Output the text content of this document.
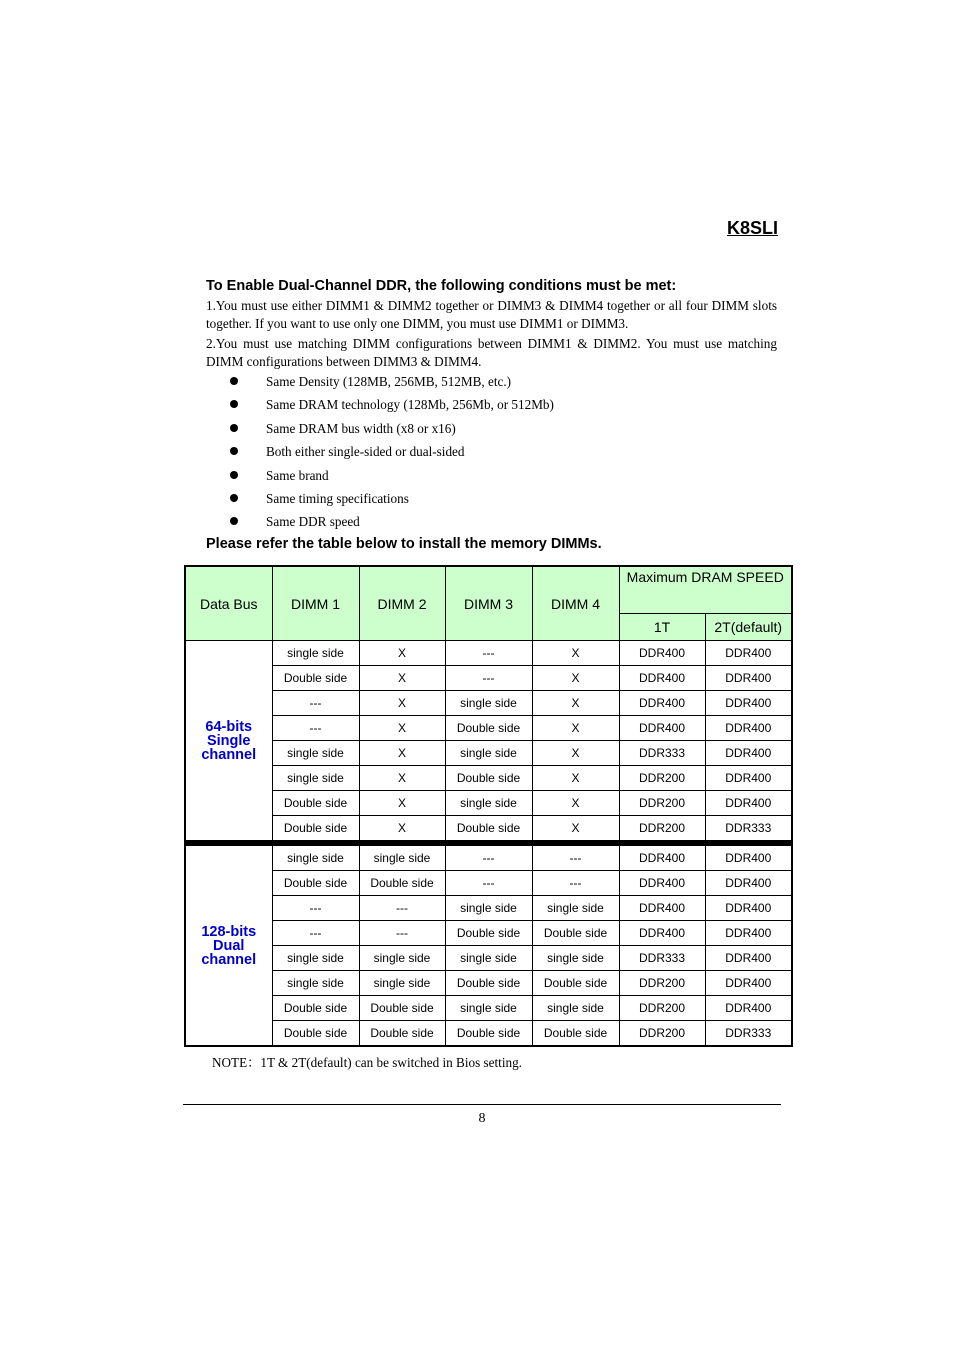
K8SLI
To Enable Dual-Channel DDR, the following conditions must be met:
1.You must use either DIMM1 & DIMM2 together or DIMM3 & DIMM4 together or all four DIMM slots together. If you want to use only one DIMM, you must use DIMM1 or DIMM3.
2.You must use matching DIMM configurations between DIMM1 & DIMM2. You must use matching DIMM configurations between DIMM3 & DIMM4.
Same Density (128MB, 256MB, 512MB, etc.)
Same DRAM technology (128Mb, 256Mb, or 512Mb)
Same DRAM bus width (x8 or x16)
Both either single-sided or dual-sided
Same brand
Same timing specifications
Same DDR speed
Please refer the table below to install the memory DIMMs.
Data Bus	DIMM 1	DIMM 2	DIMM 3	DIMM 4	Maximum DRAM SPEED	
					1T	2T(default)

64-bits
Single
channel	single side	X	---	X	DDR400	DDR400
	Double side	X	---	X	DDR400	DDR400
	---	X	single side	X	DDR400	DDR400
	---	X	Double side	X	DDR400	DDR400
	single side	X	single side	X	DDR333	DDR400
	single side	X	Double side	X	DDR200	DDR400
	Double side	X	single side	X	DDR200	DDR400
	Double side	X	Double side	X	DDR200	DDR333

128-bits
Dual
channel	single side	single side	---	---	DDR400	DDR400
	Double side	Double side	---	---	DDR400	DDR400
	---	---	single side	single side	DDR400	DDR400
	---	---	Double side	Double side	DDR400	DDR400
	single side	single side	single side	single side	DDR333	DDR400
	single side	single side	Double side	Double side	DDR200	DDR400
	Double side	Double side	single side	single side	DDR200	DDR400
	Double side	Double side	Double side	Double side	DDR200	DDR333
NOTE：1T & 2T(default) can be switched in Bios setting.
8
